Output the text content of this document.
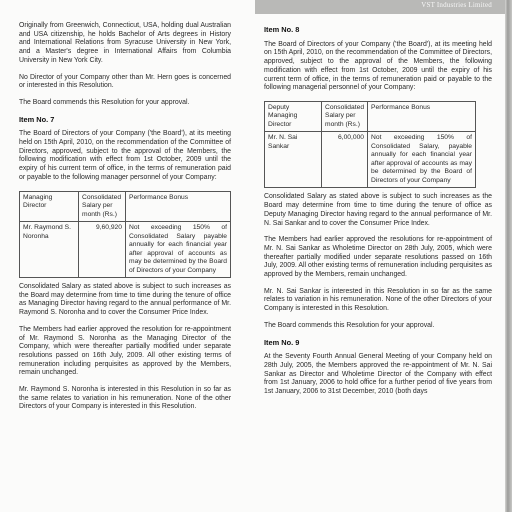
VST Industries Limited

Originally from Greenwich, Connecticut, USA, holding dual Australian and USA citizenship, he holds Bachelor of Arts degrees in History and International Relations from Syracuse University in New York, and a Master's degree in International Affairs from Columbia University in New York City.

No Director of your Company other than Mr. Hern goes is concerned or interested in this Resolution.

The Board commends this Resolution for your approval.

Item No. 7

The Board of Directors of your Company ('the Board'), at its meeting held on 15th April, 2010, on the recommendation of the Committee of Directors, approved, subject to the approval of the Members, the following modification with effect from 1st October, 2009 until the expiry of his current term of office, in the terms of remuneration paid or payable to the following manager personnel of your Company:

Managing Director	Consolidated Salary per month (Rs.)	Performance Bonus
Mr. Raymond S. Noronha	9,60,920	Not exceeding 150% of Consolidated Salary payable annually for each financial year after approval of accounts as may be determined by the Board of Directors of your Company

Consolidated Salary as stated above is subject to such increases as the Board may determine from time to time during the tenure of office as Managing Director having regard to the annual performance of Mr. Raymond S. Noronha and to cover the Consumer Price Index.

The Members had earlier approved the resolution for re-appointment of Mr. Raymond S. Noronha as the Managing Director of the Company, which were thereafter partially modified under separate resolutions passed on 16th July, 2009. All other existing terms of remuneration including perquisites as approved by the Members, remain unchanged.

Mr. Raymond S. Noronha is interested in this Resolution in so far as the same relates to variation in his remuneration. None of the other Directors of your Company is interested in this Resolution.

Item No. 8

The Board of Directors of your Company ('the Board'), at its meeting held on 15th April, 2010, on the recommendation of the Committee of Directors, approved, subject to the approval of the Members, the following modification with effect from 1st October, 2009 until the expiry of his current term of office, in the terms of remuneration paid or payable to the following managerial personnel of your Company:

Deputy Managing Director	Consolidated Salary per month (Rs.)	Performance Bonus
Mr. N. Sai Sankar	6,00,000	Not exceeding 150% of Consolidated Salary, payable annually for each financial year after approval of accounts as may be determined by the Board of Directors of your Company

Consolidated Salary as stated above is subject to such increases as the Board may determine from time to time during the tenure of office as Deputy Managing Director having regard to the annual performance of Mr. N. Sai Sankar and to cover the Consumer Price Index.

The Members had earlier approved the resolutions for re-appointment of Mr. N. Sai Sankar as Wholetime Director on 28th July, 2005, which were thereafter partially modified under separate resolutions passed on 16th July, 2009. All other existing terms of remuneration including perquisites as approved by the Members, remain unchanged.

Mr. N. Sai Sankar is interested in this Resolution in so far as the same relates to variation in his remuneration. None of the other Directors of your Company is interested in this Resolution.

The Board commends this Resolution for your approval.

Item No. 9

At the Seventy Fourth Annual General Meeting of your Company held on 28th July, 2005, the Members approved the re-appointment of Mr. N. Sai Sankar as Director and Wholetime Director of the Company with effect from 1st January, 2006 to hold office for a further period of five years from 1st January, 2006 to 31st December, 2010 (both days
